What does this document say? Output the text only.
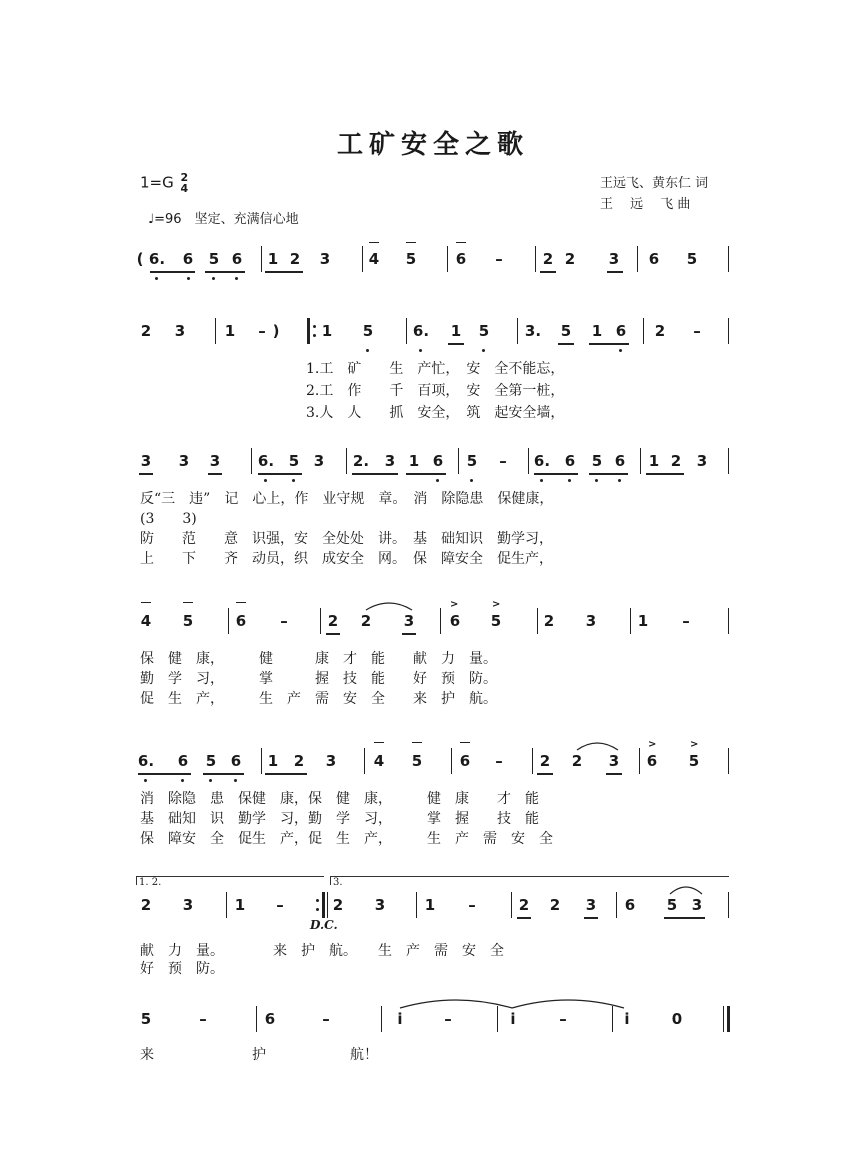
工矿安全之歌
1=G 2
4
♩=96　坚定、充满信心地
王远飞、黄东仁 词
王　 远　 飞 曲
( 6.	6	5 6	1 2	3	4	5	6	–	2 2	3	6	5
2	3	1	– )	1	5	6.	1	5	3.	5	1 6	2	–
1.工　矿　　生　产忙，　安　全不能忘，
2.工　作　　千　百项，　安　全第一桩，
3.人　人　　抓　安全，　筑　起安全墙，
3	3	3	6. 5 3	2.	3 1 6	5	–	6. 6	5 6	1 2	3
反“三　违”　记　心上，作　业守规　章。　消　除隐患　保健康，
(3　　3)
防　　范　　意　识强，安　全处处　讲。　基　础知识　勤学习，
上　　下　　齐　动员，织　成安全　网。　保　障安全　促生产，
4	5	6	–	2	2	3	6	5	2	3	1	–
>	>
保　健　康，　　　健　　　康　才　能　　献　力　量。
勤　学　习，　　　掌　　　握　技　能　　好　预　防。
促　生　产，　　　生　产　需　安　全　　来　护　航。
6.	6	5 6	1	2	3	4	5	6	–	2	2	3	6	5
>	>
消　除隐　患　保健　康，保　健　康，　　　健　康　　才　能
基　础知　识　勤学　习，勤　学　习，　　　掌　握　　技　能
保　障安　全　促生　产，促　生　产，　　　生　产　需　安　全
1. 2.	3.
2	3	1	–	2	3	1	–	2	2	3	6	5 3
D.C.
献　力　量。　　　　来　护　航。　　生　产　需　安　全
好　预　防。
5	–	6	–	i	–	i	–	i	0
来　　　　　　　护　　　　　　航！
